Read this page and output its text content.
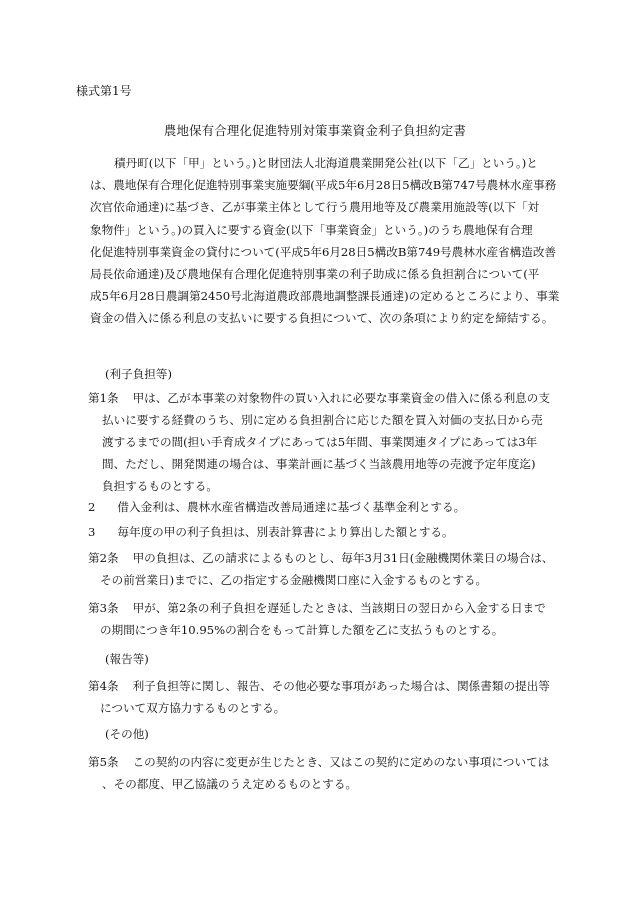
様式第1号
農地保有合理化促進特別対策事業資金利子負担約定書
積丹町(以下「甲」という。)と財団法人北海道農業開発公社(以下「乙」という。)と
は、農地保有合理化促進特別事業実施要綱(平成5年6月28日5構改B第747号農林水産事務
次官依命通達)に基づき、乙が事業主体として行う農用地等及び農業用施設等(以下「対
象物件」という。)の買入に要する資金(以下「事業資金」という。)のうち農地保有合理
化促進特別事業資金の貸付について(平成5年6月28日5構改B第749号農林水産省構造改善
局長依命通達)及び農地保有合理化促進特別事業の利子助成に係る負担割合について(平
成5年6月28日農調第2450号北海道農政部農地調整課長通達)の定めるところにより、事業
資金の借入に係る利息の支払いに要する負担について、次の条項により約定を締結する。
(利子負担等)
第1条 甲は、乙が本事業の対象物件の買い入れに必要な事業資金の借入に係る利息の支
払いに要する経費のうち、別に定める負担割合に応じた額を買入対価の支払日から売
渡するまでの間(担い手育成タイプにあっては5年間、事業関連タイプにあっては3年
間、ただし、開発関連の場合は、事業計画に基づく当該農用地等の売渡予定年度迄)
負担するものとする。
2 借入金利は、農林水産省構造改善局通達に基づく基準金利とする。
3 毎年度の甲の利子負担は、別表計算書により算出した額とする。
第2条 甲の負担は、乙の請求によるものとし、毎年3月31日(金融機関休業日の場合は、
その前営業日)までに、乙の指定する金融機関口座に入金するものとする。
第3条 甲が、第2条の利子負担を遅延したときは、当該期日の翌日から入金する日まで
の期間につき年10.95%の割合をもって計算した額を乙に支払うものとする。
(報告等)
第4条 利子負担等に関し、報告、その他必要な事項があった場合は、関係書類の提出等
について双方協力するものとする。
(その他)
第5条 この契約の内容に変更が生じたとき、又はこの契約に定めのない事項については
、その都度、甲乙協議のうえ定めるものとする。
